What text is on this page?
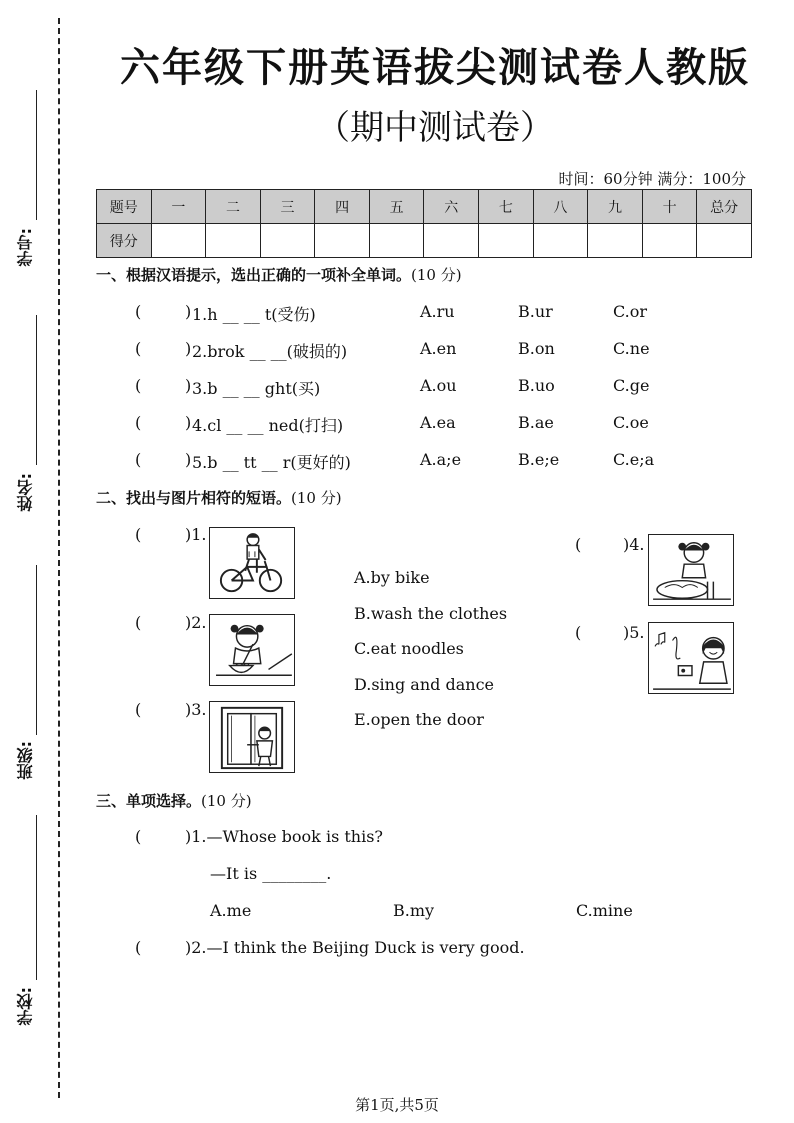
学号:
姓名:
班级:
学校:
六年级下册英语拔尖测试卷人教版
（期中测试卷）
时间：60分钟 满分：100分
题号	一	二	三	四	五	六	七	八	九	十	总分
得分											
一、根据汉语提示，选出正确的一项补全单词。(10 分)
(	) 1.h __ __ t(受伤)	A.ru	B.ur	C.or
(	) 2.brok __ __(破损的)	A.en	B.on	C.ne
(	) 3.b __ __ ght(买)	A.ou	B.uo	C.ge
(	) 4.cl __ __ ned(打扫)	A.ea	B.ae	C.oe
(	) 5.b __ tt __ r(更好的)	A.a;e	B.e;e	C.e;a
二、找出与图片相符的短语。(10 分)
(	)1.
(	)2.
(	)3.
A.by bike
B.wash the clothes
C.eat noodles
D.sing and dance
E.open the door
(	)4.
(	)5.
三、单项选择。(10 分)
(	)1.—Whose book is this?
—It is ________.
A.me	B.my	C.mine
(	)2.—I think the Beijing Duck is very good.
第1页,共5页
